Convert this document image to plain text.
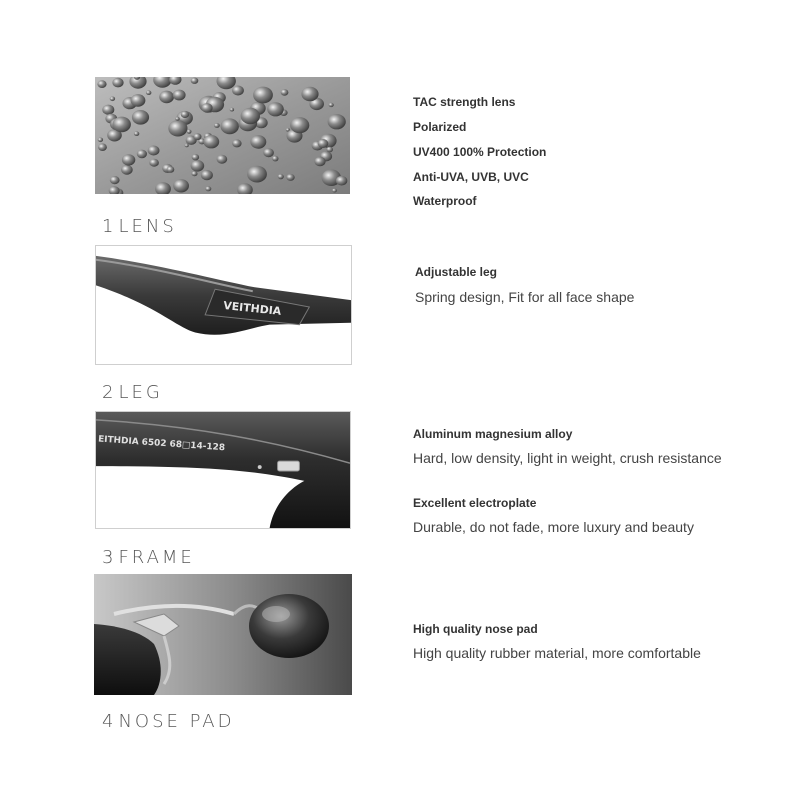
1 LENS
TAC strength lens
Polarized
UV400 100% Protection
Anti-UVA, UVB, UVC
Waterproof
VEITHDIA
2 LEG
Adjustable leg
Spring design, Fit for all face shape
EITHDIA 6502 68□14-128
3 FRAME
Aluminum magnesium alloy
Hard, low density, light in weight, crush resistance
Excellent electroplate
Durable, do not fade, more luxury and beauty
4 NOSE PAD
High quality nose pad
High quality rubber material, more comfortable
